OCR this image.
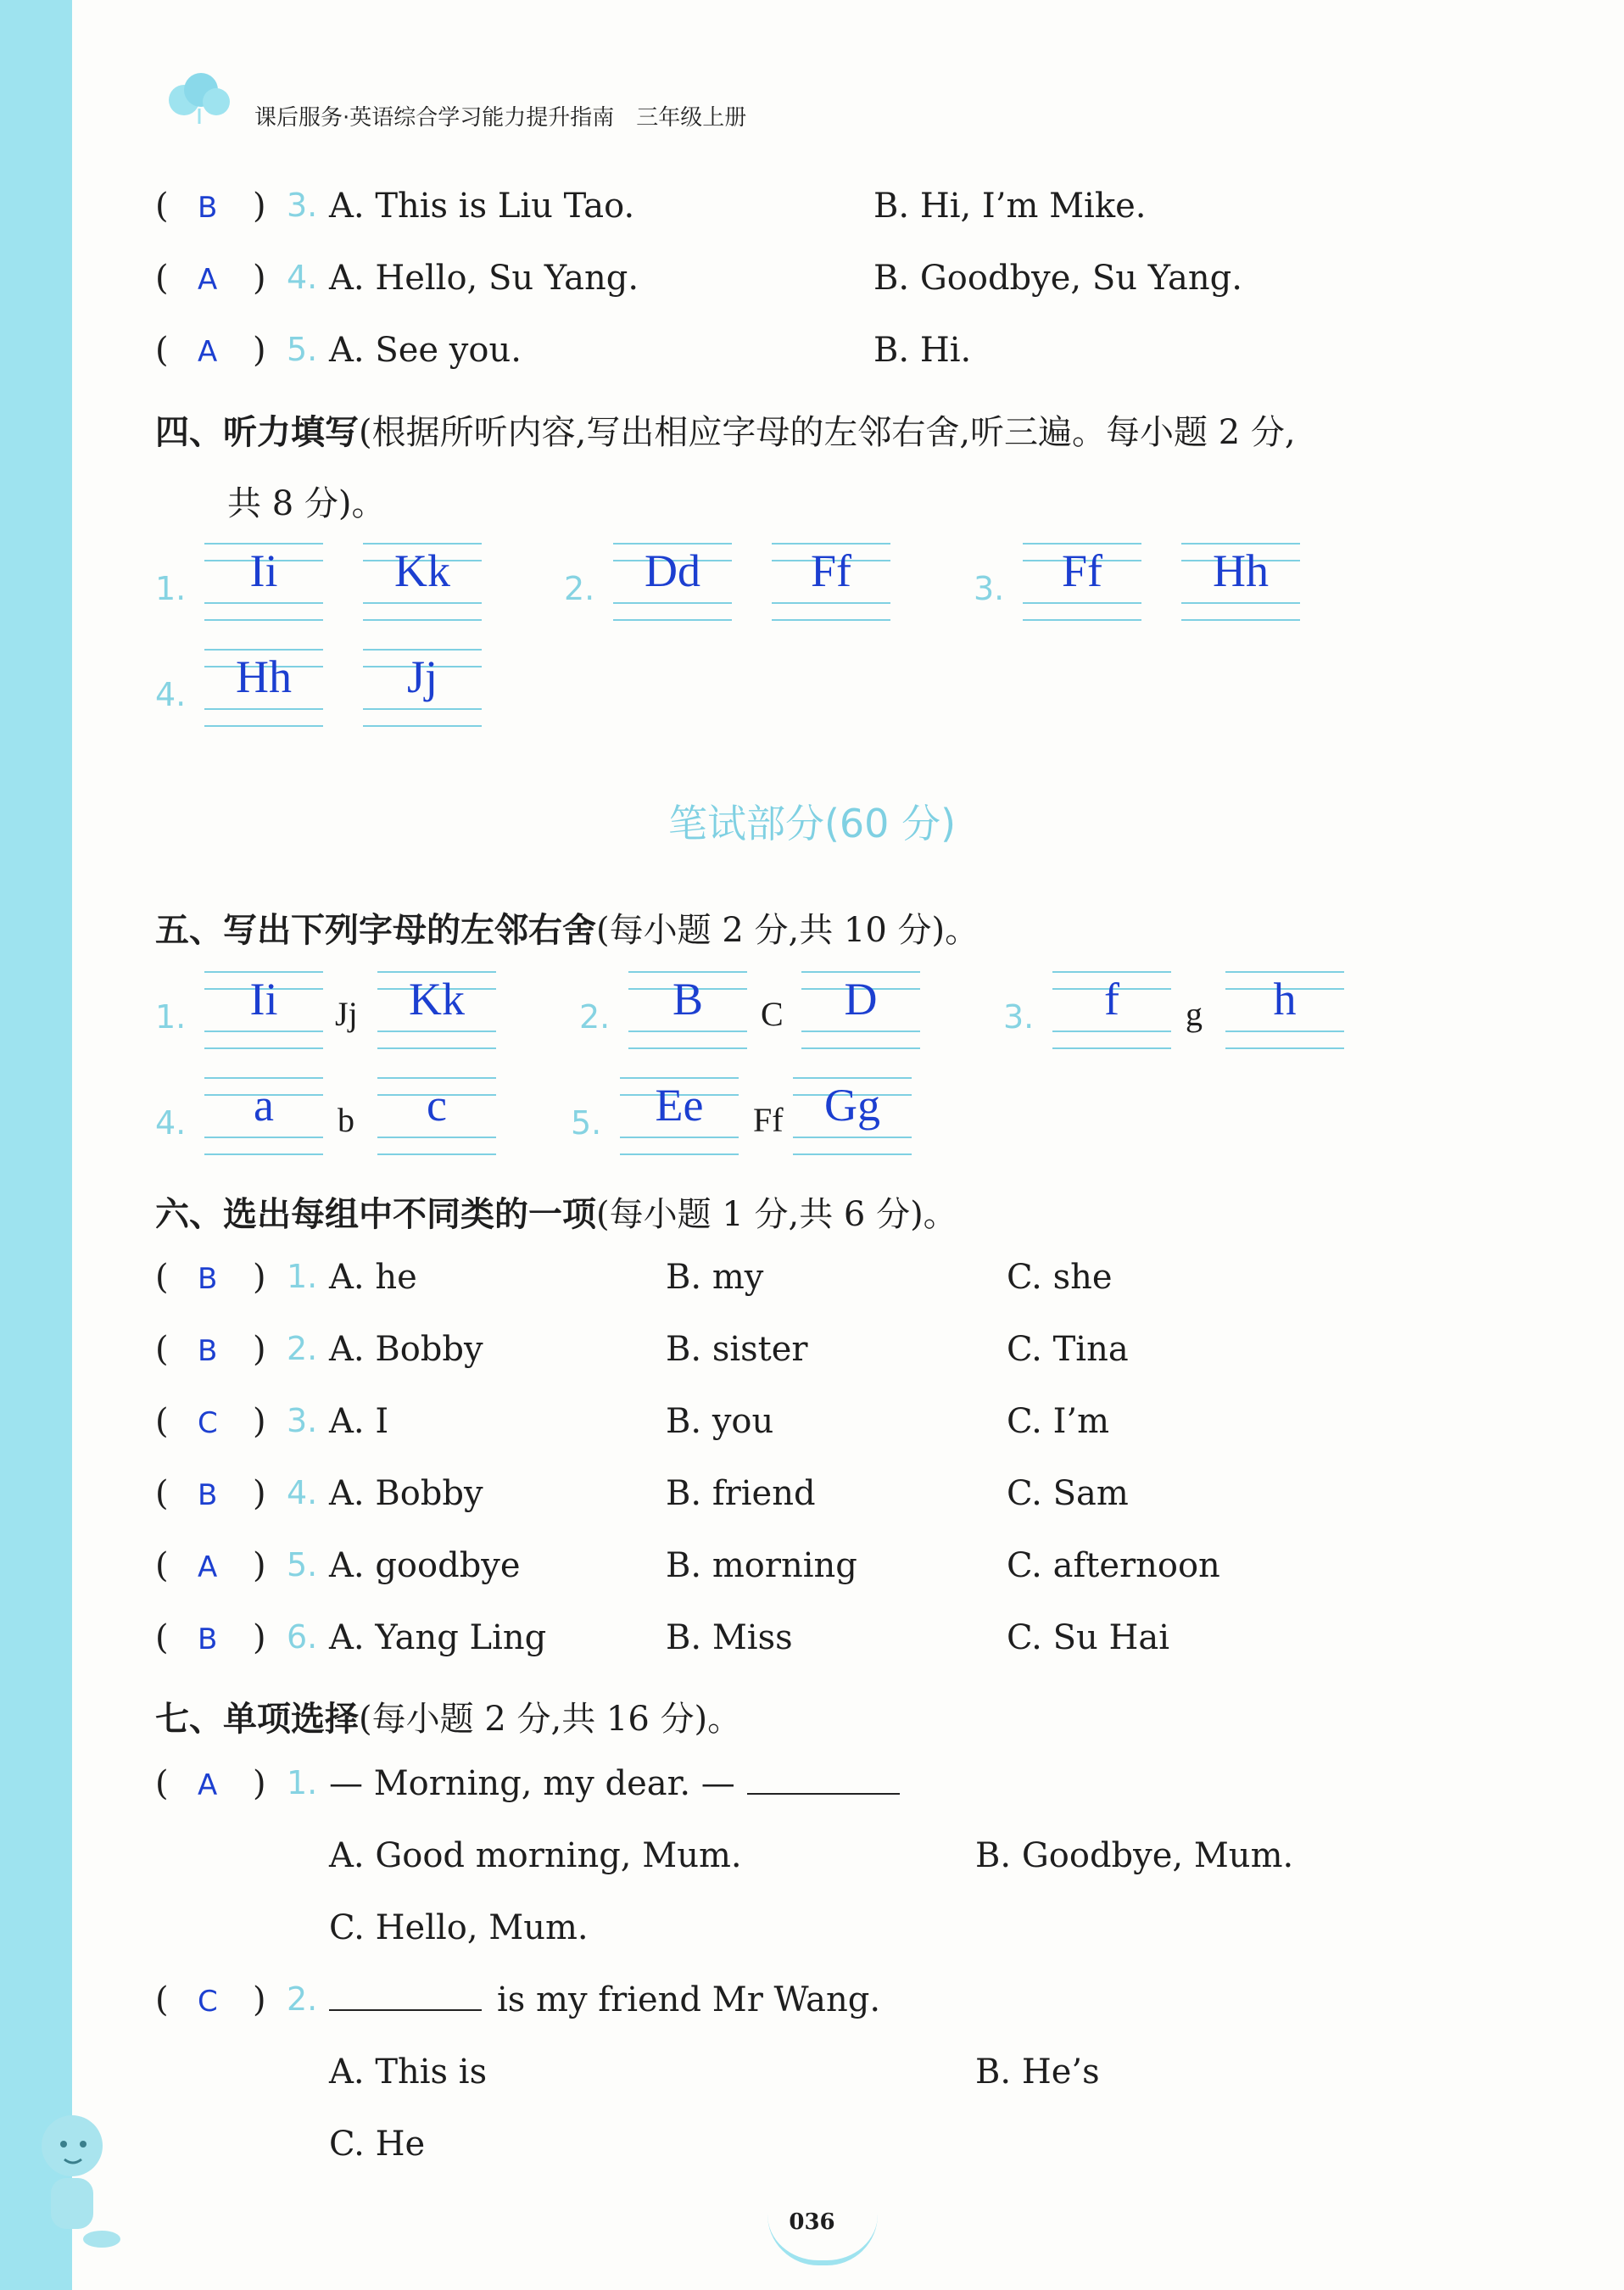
课后服务·英语综合学习能力提升指南　三年级上册
( B ) 3. A. This is Liu Tao.	B. Hi, I’m Mike.
( A ) 4. A. Hello, Su Yang.	B. Goodbye, Su Yang.
( A ) 5. A. See you.	B. Hi.
四、听力填写(根据所听内容,写出相应字母的左邻右舍,听三遍。每小题 2 分,
共 8 分)。
1.	Ii	Kk	2.	Dd	Ff	3.	Ff	Hh
4.	Hh	Jj
笔试部分(60 分)
五、写出下列字母的左邻右舍(每小题 2 分,共 10 分)。
1.	Ii	Jj	Kk	2.	B	C	D	3.	f	g	h
4.	a	b	c	5.	Ee	Ff Gg
六、选出每组中不同类的一项(每小题 1 分,共 6 分)。
( B ) 1. A. he	B. my	C. she
( B ) 2. A. Bobby	B. sister	C. Tina
( C ) 3. A. I	B. you	C. I’m
( B ) 4. A. Bobby	B. friend	C. Sam
( A ) 5. A. goodbye	B. morning	C. afternoon
( B ) 6. A. Yang Ling	B. Miss	C. Su Hai
七、单项选择(每小题 2 分,共 16 分)。
( A ) 1. — Morning, my dear. —
A. Good morning, Mum.	B. Goodbye, Mum.
C. Hello, Mum.
( C ) 2.	is my friend Mr Wang.
A. This is	B. He’s
C. He
036
